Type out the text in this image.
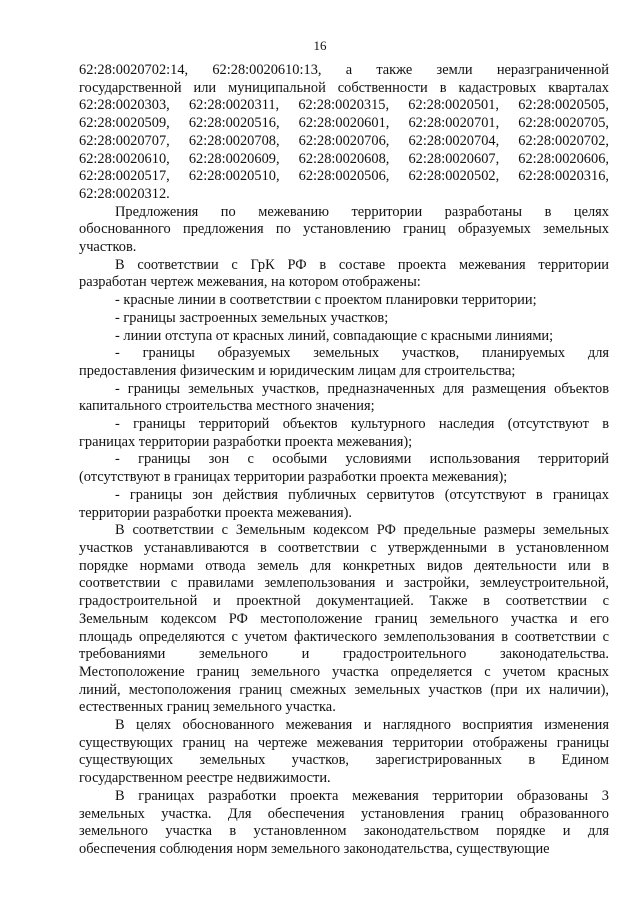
16
62:28:0020702:14, 62:28:0020610:13, а также земли неразграниченной
государственной или муниципальной собственности в кадастровых кварталах
62:28:0020303, 62:28:0020311, 62:28:0020315, 62:28:0020501, 62:28:0020505,
62:28:0020509, 62:28:0020516, 62:28:0020601, 62:28:0020701, 62:28:0020705,
62:28:0020707, 62:28:0020708, 62:28:0020706, 62:28:0020704, 62:28:0020702,
62:28:0020610, 62:28:0020609, 62:28:0020608, 62:28:0020607, 62:28:0020606,
62:28:0020517, 62:28:0020510, 62:28:0020506, 62:28:0020502, 62:28:0020316,
62:28:0020312.
Предложения по межеванию территории разработаны в целях
обоснованного предложения по установлению границ образуемых земельных
участков.
В соответствии с ГрК РФ в составе проекта межевания территории
разработан чертеж межевания, на котором отображены:
- красные линии в соответствии с проектом планировки территории;
- границы застроенных земельных участков;
- линии отступа от красных линий, совпадающие с красными линиями;
- границы образуемых земельных участков, планируемых для
предоставления физическим и юридическим лицам для строительства;
- границы земельных участков, предназначенных для размещения объектов
капитального строительства местного значения;
- границы территорий объектов культурного наследия (отсутствуют в
границах территории разработки проекта межевания);
- границы зон с особыми условиями использования территорий
(отсутствуют в границах территории разработки проекта межевания);
- границы зон действия публичных сервитутов (отсутствуют в границах
территории разработки проекта межевания).
В соответствии с Земельным кодексом РФ предельные размеры земельных
участков устанавливаются в соответствии с утвержденными в установленном
порядке нормами отвода земель для конкретных видов деятельности или в
соответствии с правилами землепользования и застройки, землеустроительной,
градостроительной и проектной документацией. Также в соответствии с
Земельным кодексом РФ местоположение границ земельного участка и его
площадь определяются с учетом фактического землепользования в соответствии с
требованиями земельного и градостроительного законодательства.
Местоположение границ земельного участка определяется с учетом красных
линий, местоположения границ смежных земельных участков (при их наличии),
естественных границ земельного участка.
В целях обоснованного межевания и наглядного восприятия изменения
существующих границ на чертеже межевания территории отображены границы
существующих земельных участков, зарегистрированных в Едином
государственном реестре недвижимости.
В границах разработки проекта межевания территории образованы 3
земельных участка. Для обеспечения установления границ образованного
земельного участка в установленном законодательством порядке и для
обеспечения соблюдения норм земельного законодательства, существующие
